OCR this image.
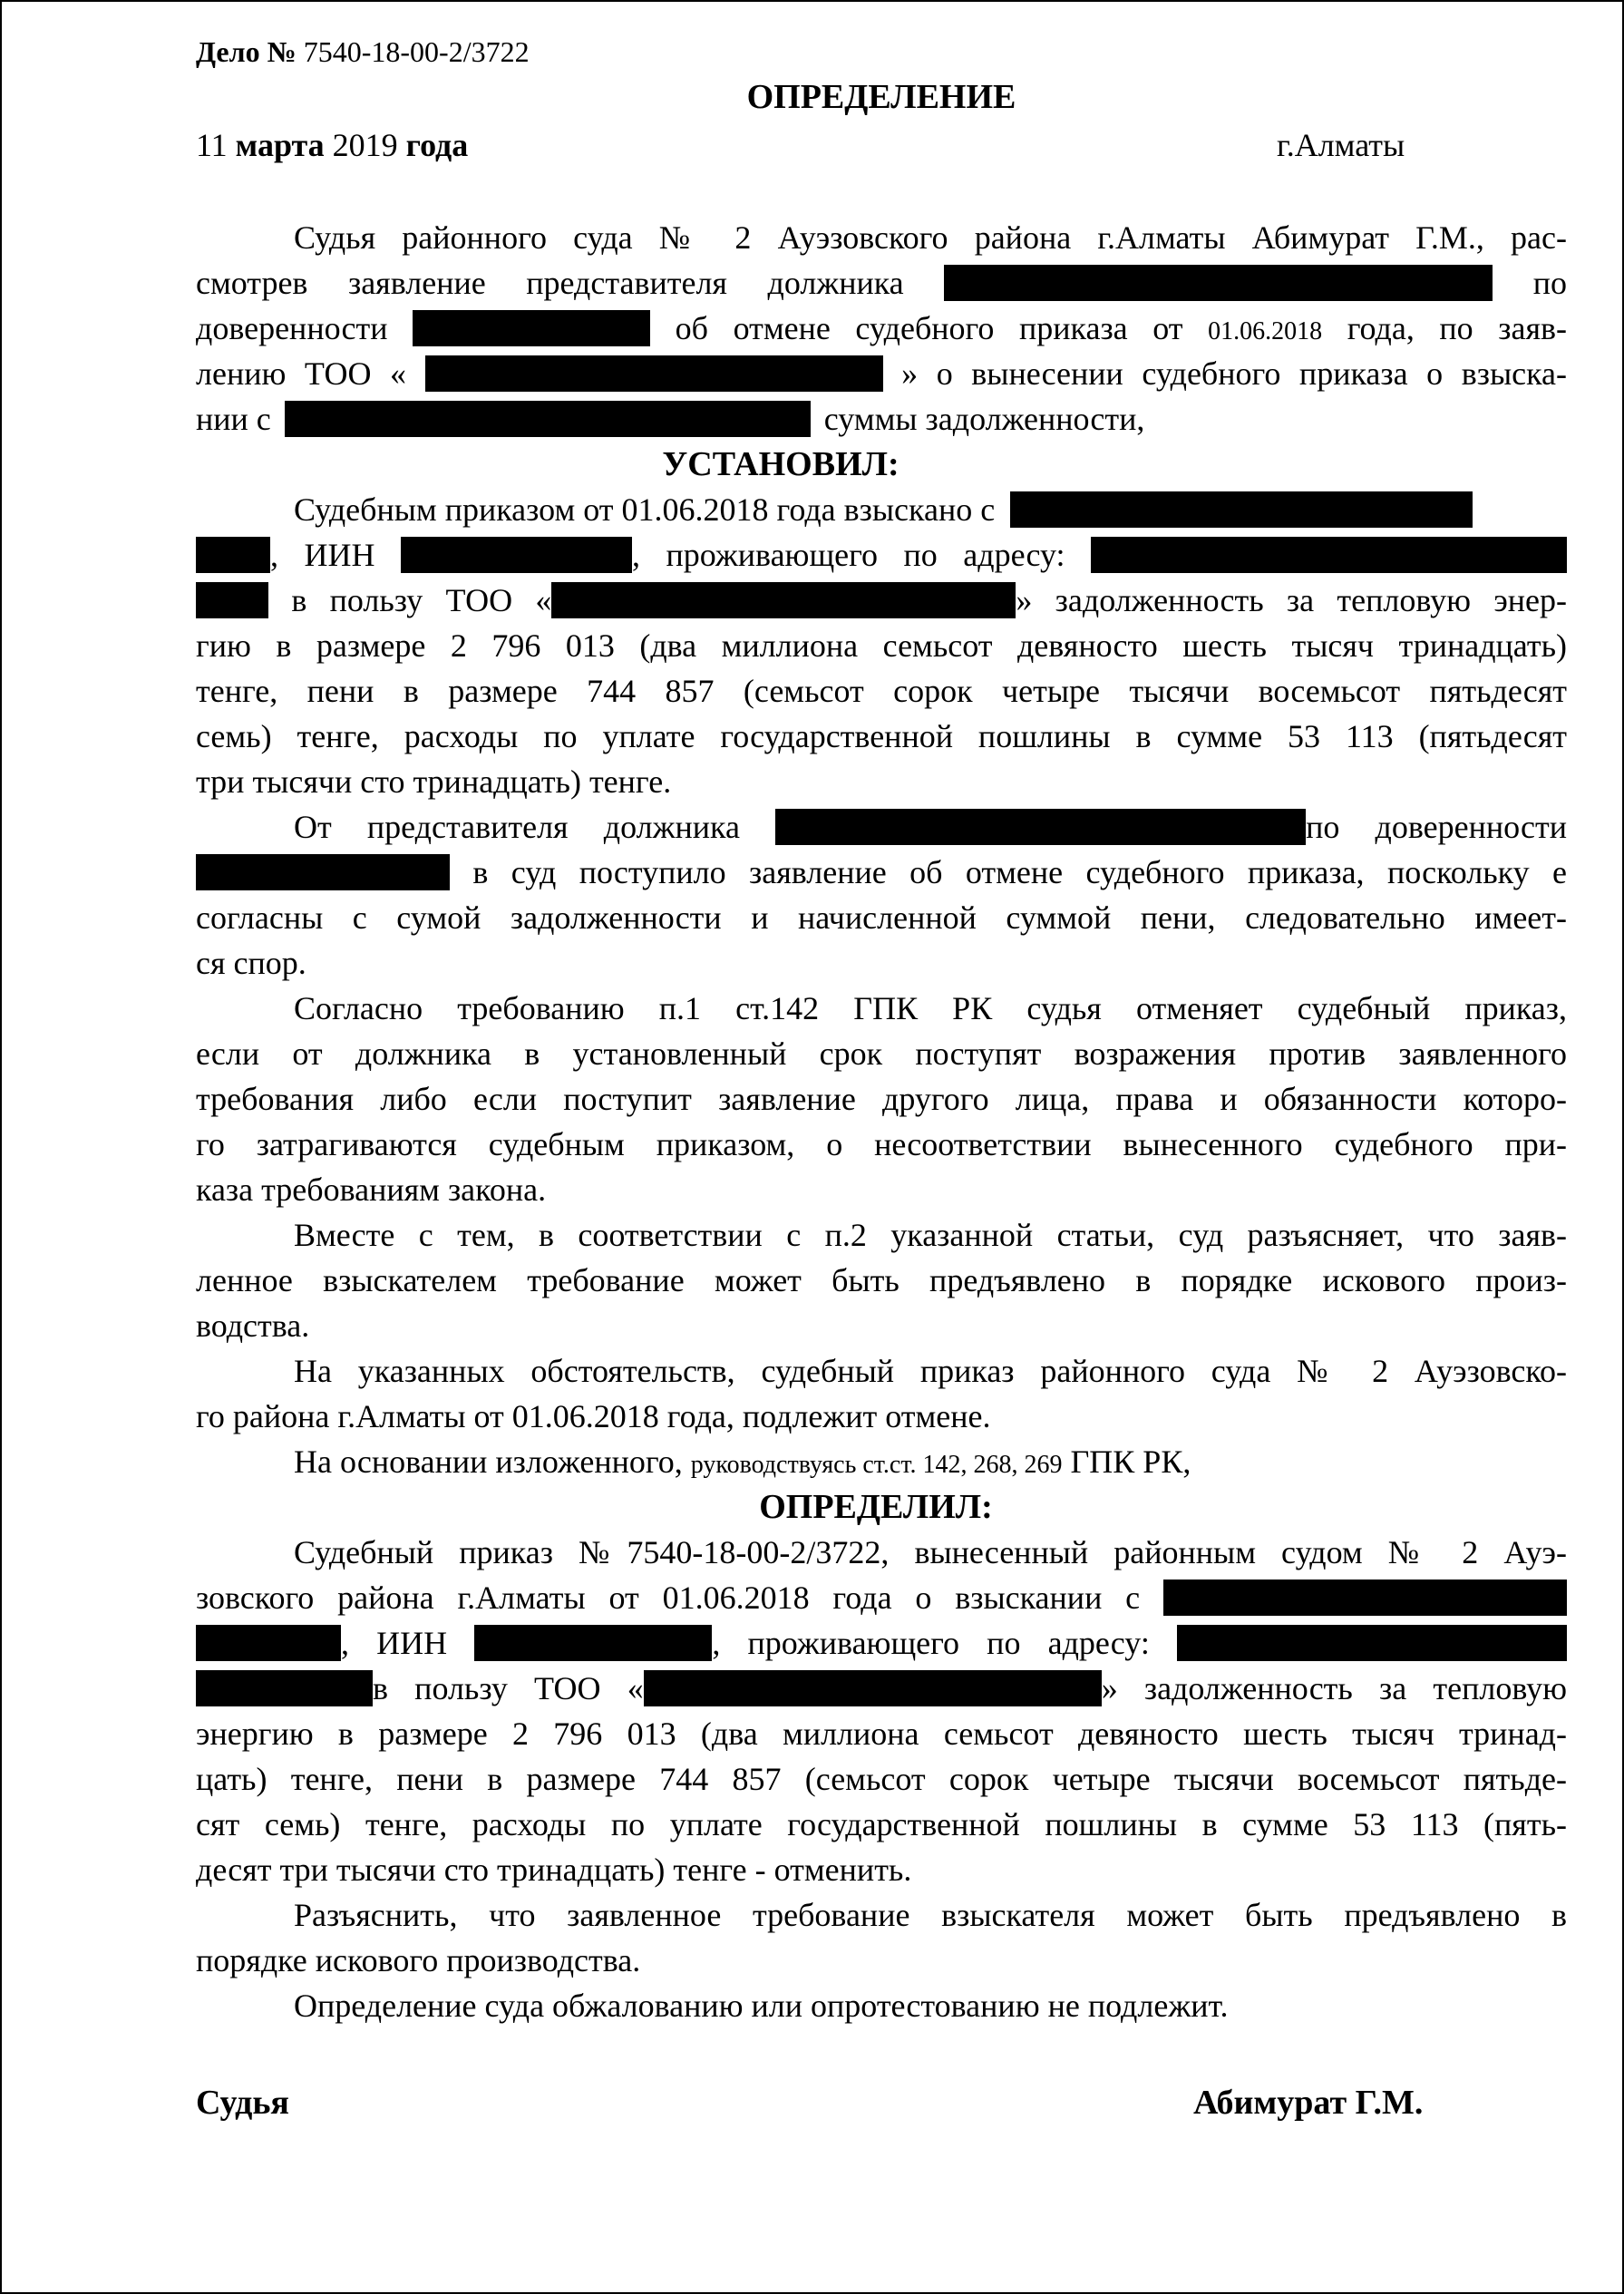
Дело № 7540-18-00-2/3722
ОПРЕДЕЛЕНИЕ
11 марта 2019 года	г.Алматы
Судья районного суда № 2 Ауэзовского района г.Алматы Абимурат Г.М., рас-
смотрев заявление представителя должника	по
доверенности	об отмене судебного приказа от 01.06.2018 года, по заяв-
лению ТОО «	» о вынесении судебного приказа о взыска-
нии с	суммы задолженности,
УСТАНОВИЛ:
Судебным приказом от 01.06.2018 года взыскано с
, ИИН	, проживающего по адресу:
в пользу ТОО «	» задолженность за тепловую энер-
гию в размере 2 796 013 (два миллиона семьсот девяносто шесть тысяч тринадцать)
тенге, пени в размере 744 857 (семьсот сорок четыре тысячи восемьсот пятьдесят
семь) тенге, расходы по уплате государственной пошлины в сумме 53 113 (пятьдесят
три тысячи сто тринадцать) тенге.
От представителя должника	по доверенности
в суд поступило заявление об отмене судебного приказа, поскольку е
согласны с сумой задолженности и начисленной суммой пени, следовательно имеет-
ся спор.
Согласно требованию п.1 ст.142 ГПК РК судья отменяет судебный приказ,
если от должника в установленный срок поступят возражения против заявленного
требования либо если поступит заявление другого лица, права и обязанности которо-
го затрагиваются судебным приказом, о несоответствии вынесенного судебного при-
каза требованиям закона.
Вместе с тем, в соответствии с п.2 указанной статьи, суд разъясняет, что заяв-
ленное взыскателем требование может быть предъявлено в порядке искового произ-
водства.
На указанных обстоятельств, судебный приказ районного суда № 2 Ауэзовско-
го района г.Алматы от 01.06.2018 года, подлежит отмене.
На основании изложенного, руководствуясь ст.ст. 142, 268, 269 ГПК РК,
ОПРЕДЕЛИЛ:
Судебный приказ №7540-18-00-2/3722, вынесенный районным судом № 2 Ауэ-
зовского района г.Алматы от 01.06.2018 года о взыскании с
, ИИН	, проживающего по адресу:
в пользу ТОО «	» задолженность за тепловую
энергию в размере 2 796 013 (два миллиона семьсот девяносто шесть тысяч тринад-
цать) тенге, пени в размере 744 857 (семьсот сорок четыре тысячи восемьсот пятьде-
сят семь) тенге, расходы по уплате государственной пошлины в сумме 53 113 (пять-
десят три тысячи сто тринадцать) тенге - отменить.
Разъяснить, что заявленное требование взыскателя может быть предъявлено в
порядке искового производства.
Определение суда обжалованию или опротестованию не подлежит.
Судья	Абимурат Г.М.
